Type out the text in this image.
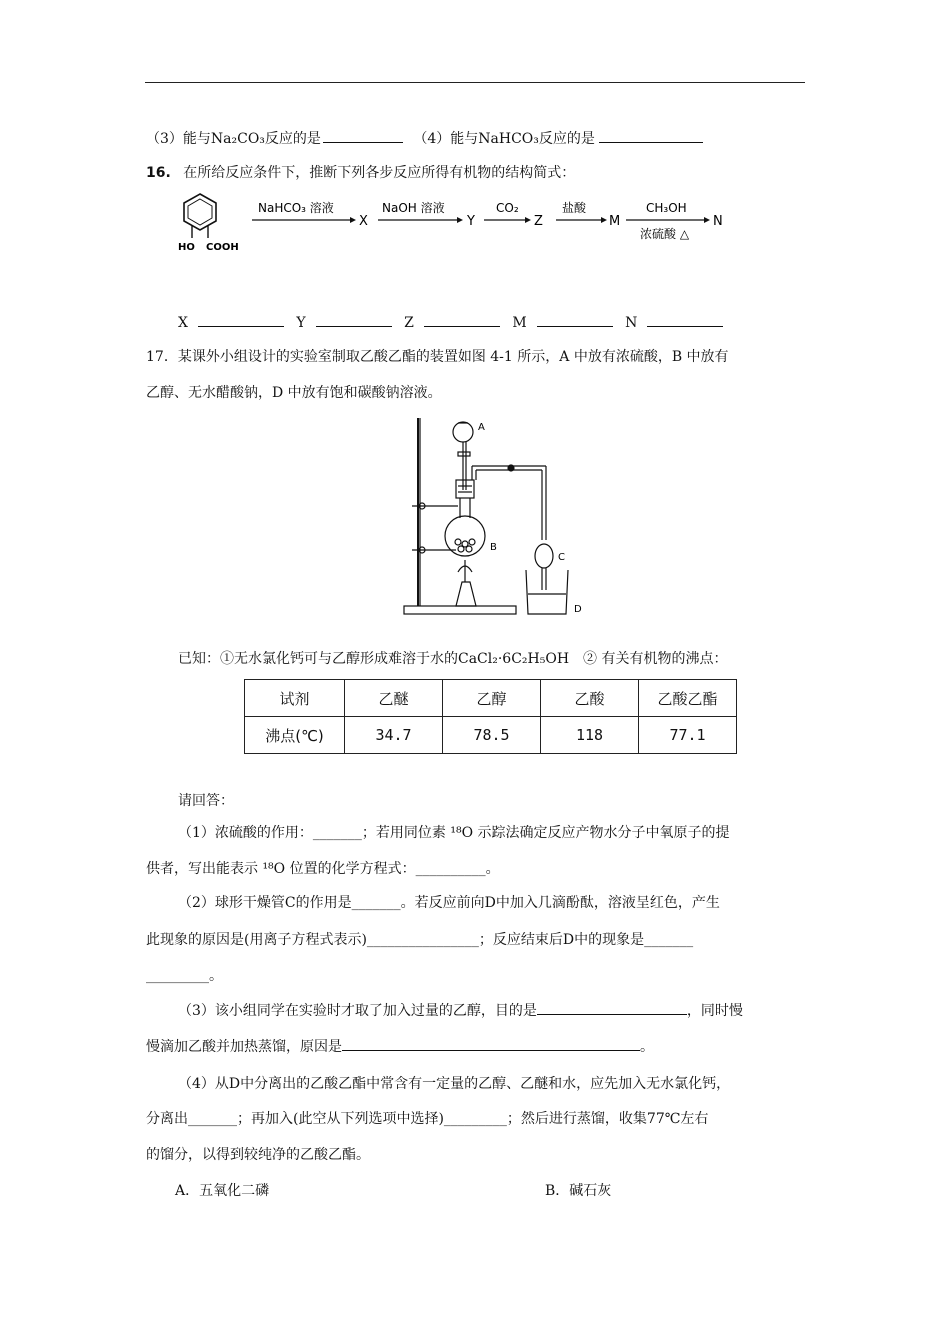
（3）能与Na₂CO₃反应的是	（4）能与NaHCO₃反应的是
16. 在所给反应条件下，推断下列各步反应所得有机物的结构简式：
HO COOH
NaHCO₃ 溶液
X
NaOH 溶液
Y
CO₂
Z
盐酸
M
CH₃OH
浓硫酸 △
N
X	Y	Z	M	N
17．某课外小组设计的实验室制取乙酸乙酯的装置如图 4-1 所示，A 中放有浓硫酸，B 中放有
乙醇、无水醋酸钠，D 中放有饱和碳酸钠溶液。
A
B
C
D
已知：①无水氯化钙可与乙醇形成难溶于水的CaCl₂·6C₂H₅OH　② 有关有机物的沸点：
试剂	乙醚	乙醇	乙酸	乙酸乙酯
沸点(℃)	34.7	78.5	118	77.1
请回答：
（1）浓硫酸的作用：_______；若用同位素 ¹⁸O 示踪法确定反应产物水分子中氧原子的提
供者，写出能表示 ¹⁸O 位置的化学方程式：__________。
（2）球形干燥管C的作用是_______。若反应前向D中加入几滴酚酞，溶液呈红色，产生
此现象的原因是(用离子方程式表示)________________；反应结束后D中的现象是_______
_________。
（3）该小组同学在实验时才取了加入过量的乙醇，目的是	，同时慢
慢滴加乙酸并加热蒸馏，原因是	。
（4）从D中分离出的乙酸乙酯中常含有一定量的乙醇、乙醚和水，应先加入无水氯化钙，
分离出_______；再加入(此空从下列选项中选择)_________；然后进行蒸馏，收集77℃左右
的馏分，以得到较纯净的乙酸乙酯。
A．五氧化二磷	B．碱石灰
